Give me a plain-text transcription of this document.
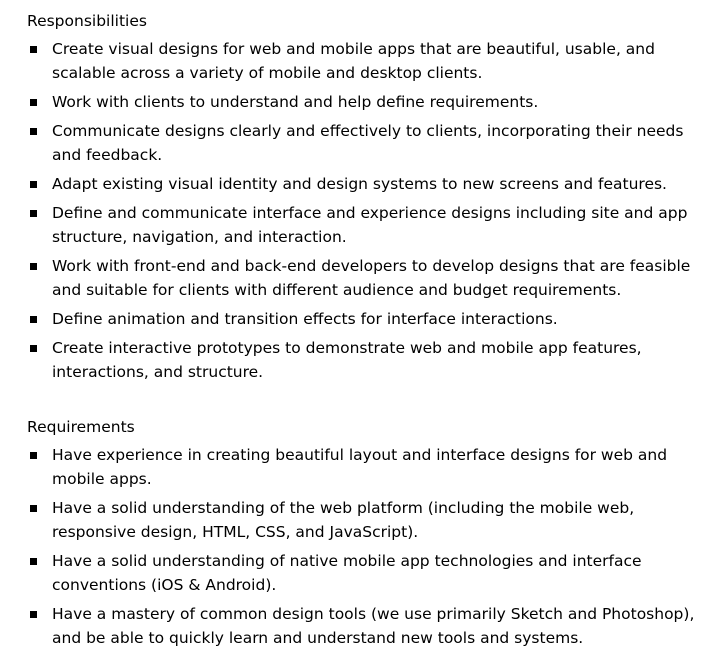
Responsibilities
Create visual designs for web and mobile apps that are beautiful, usable, and scalable across a variety of mobile and desktop clients.
Work with clients to understand and help define requirements.
Communicate designs clearly and effectively to clients, incorporating their needs and feedback.
Adapt existing visual identity and design systems to new screens and features.
Define and communicate interface and experience designs including site and app structure, navigation, and interaction.
Work with front-end and back-end developers to develop designs that are feasible and suitable for clients with different audience and budget requirements.
Define animation and transition effects for interface interactions.
Create interactive prototypes to demonstrate web and mobile app features, interactions, and structure.
Requirements
Have experience in creating beautiful layout and interface designs for web and mobile apps.
Have a solid understanding of the web platform (including the mobile web, responsive design, HTML, CSS, and JavaScript).
Have a solid understanding of native mobile app technologies and interface conventions (iOS & Android).
Have a mastery of common design tools (we use primarily Sketch and Photoshop), and be able to quickly learn and understand new tools and systems.
